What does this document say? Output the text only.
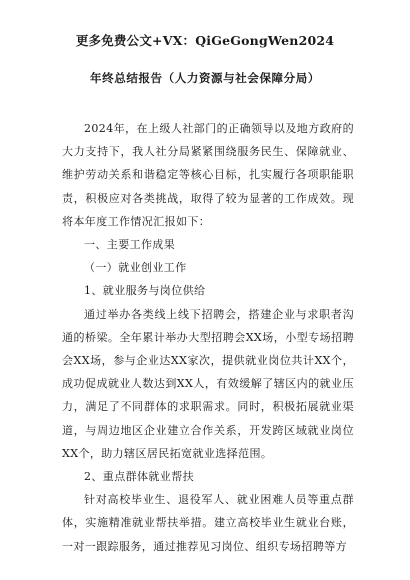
更多免费公文+VX：QiGeGongWen2024
年终总结报告（人力资源与社会保障分局）

2024年，在上级人社部门的正确领导以及地方政府的大力支持下，我人社分局紧紧围绕服务民生、保障就业、维护劳动关系和谐稳定等核心目标，扎实履行各项职能职责，积极应对各类挑战，取得了较为显著的工作成效。现将本年度工作情况汇报如下：

一、主要工作成果

（一）就业创业工作

1、就业服务与岗位供给

通过举办各类线上线下招聘会，搭建企业与求职者沟通的桥梁。全年累计举办大型招聘会XX场，小型专场招聘会XX场，参与企业达XX家次，提供就业岗位共计XX个，成功促成就业人数达到XX人，有效缓解了辖区内的就业压力，满足了不同群体的求职需求。同时，积极拓展就业渠道，与周边地区企业建立合作关系，开发跨区域就业岗位XX个，助力辖区居民拓宽就业选择范围。

2、重点群体就业帮扶

针对高校毕业生、退役军人、就业困难人员等重点群体，实施精准就业帮扶举措。建立高校毕业生就业台账，一对一跟踪服务，通过推荐见习岗位、组织专场招聘等方
